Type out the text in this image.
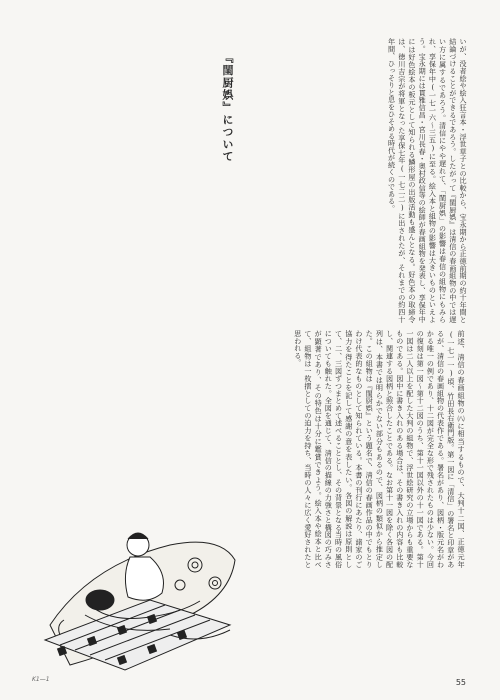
いが、没者絵や絵入狂言本・浮世草子との比較から、宝永期から正徳前期の約十年間と結論づけることができるであろう。したがって『閨厨娯』は清信の春画組物の中では遅い方に属するであろう。清信にやや遅れて、「閨厨娯」の影響は春信の組物にもみられ、享保年中(一七一六〜三五)に至る。絵入本と組物の影響は大きいものといえよう。宝永期には貫雅信昌・宮川長春・奥村政信等の絵師が春画組物を発表し、享保年中には好色絵本の板元として知られる鱗形屋の出版活動も盛んとなる。好色本の取締令は、徳川吉宗が将軍となった享保七年(一七二二)に出されたが、それまでの約四十年間、ひっそりと息をひそめる時代が続くのである。
『閨厨娯』について
前述、清信の春画組物の㈧に相当するもので、大判十二図、正徳元年(一七一一)頃、竹田長右衛門版。第一図に「清信」の署名と印章があるが、清信の春画組物の代表作である。署名があり、図柄・版元名がわかる唯一の例であり、十二図が完全な形で残されたものは少ない。今回の復刻は第一図〜第十二図のうち、第十一図以外の十一図である。第十一図は二人以上を配した大判の組物で、浮世絵研究の立場からも重要なものである。図中に書き入れのある場合は、その書き入れの内容も比較し、関連する図柄と照合したことである。なお第十一図を除く各図の配列は、本書では明らかでない部分もあるので、図柄の類似から推定した。この組物は『閨厨娯』という題名で、清信の春画作品の中でもとりわけ代表的なものとして知られている。本書の刊行にあたり、諸家のご協力を得たことを記して感謝の意を表したい。各図の解説は原則として、二、三図ずつまとめて述べることとし、その背景となる当時の風俗についても触れた。全図を通じて、清信の描線の力強さと構図の巧みさが顕著であり、その特色は十分に鑑賞できよう。絵入本や絵本と比べて、組物は一枚摺としての迫力を持ち、当時の人々に広く愛好されたと思われる。
K1—1	55
